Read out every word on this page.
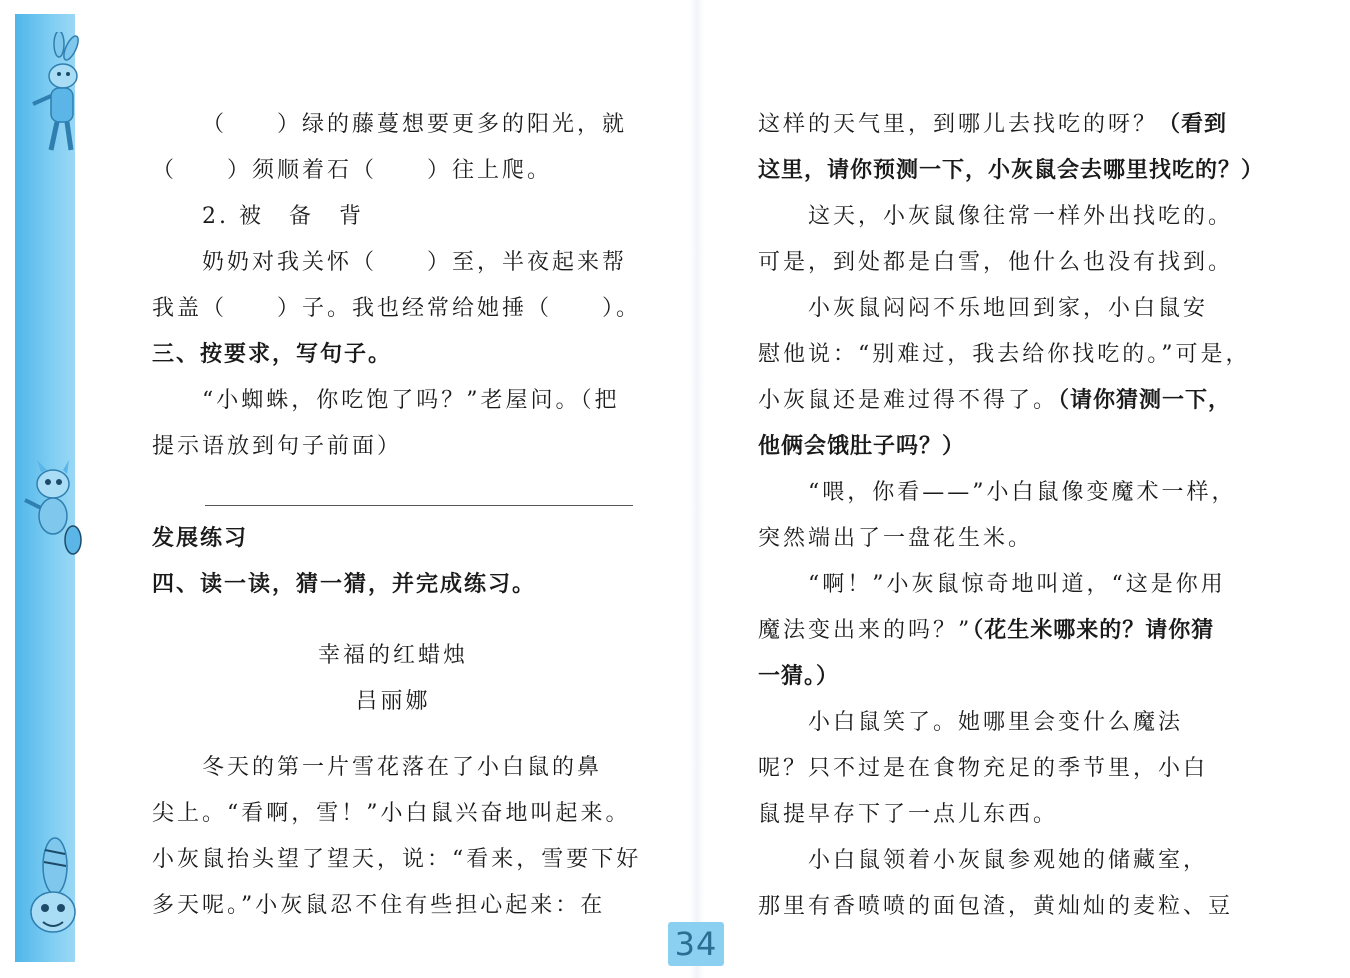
（　　）绿的藤蔓想要更多的阳光，就
（　　）须顺着石（　　）往上爬。
2. 被　备　背
奶奶对我关怀（　　）至，半夜起来帮
我盖（　　）子。我也经常给她捶（　　）。
三、按要求，写句子。
“小蜘蛛，你吃饱了吗？”老屋问。（把
提示语放到句子前面）
发展练习
四、读一读，猜一猜，并完成练习。
幸福的红蜡烛
吕丽娜
冬天的第一片雪花落在了小白鼠的鼻
尖上。“看啊，雪！”小白鼠兴奋地叫起来。
小灰鼠抬头望了望天，说：“看来，雪要下好
多天呢。”小灰鼠忍不住有些担心起来：在
这样的天气里，到哪儿去找吃的呀？（看到
这里，请你预测一下，小灰鼠会去哪里找吃的？）
这天，小灰鼠像往常一样外出找吃的。
可是，到处都是白雪，他什么也没有找到。
小灰鼠闷闷不乐地回到家，小白鼠安
慰他说：“别难过，我去给你找吃的。”可是，
小灰鼠还是难过得不得了。（请你猜测一下，
他俩会饿肚子吗？）
“喂，你看——”小白鼠像变魔术一样，
突然端出了一盘花生米。
“啊！”小灰鼠惊奇地叫道，“这是你用
魔法变出来的吗？”（花生米哪来的？请你猜
一猜。）
小白鼠笑了。她哪里会变什么魔法
呢？只不过是在食物充足的季节里，小白
鼠提早存下了一点儿东西。
小白鼠领着小灰鼠参观她的储藏室，
那里有香喷喷的面包渣，黄灿灿的麦粒、豆
34
